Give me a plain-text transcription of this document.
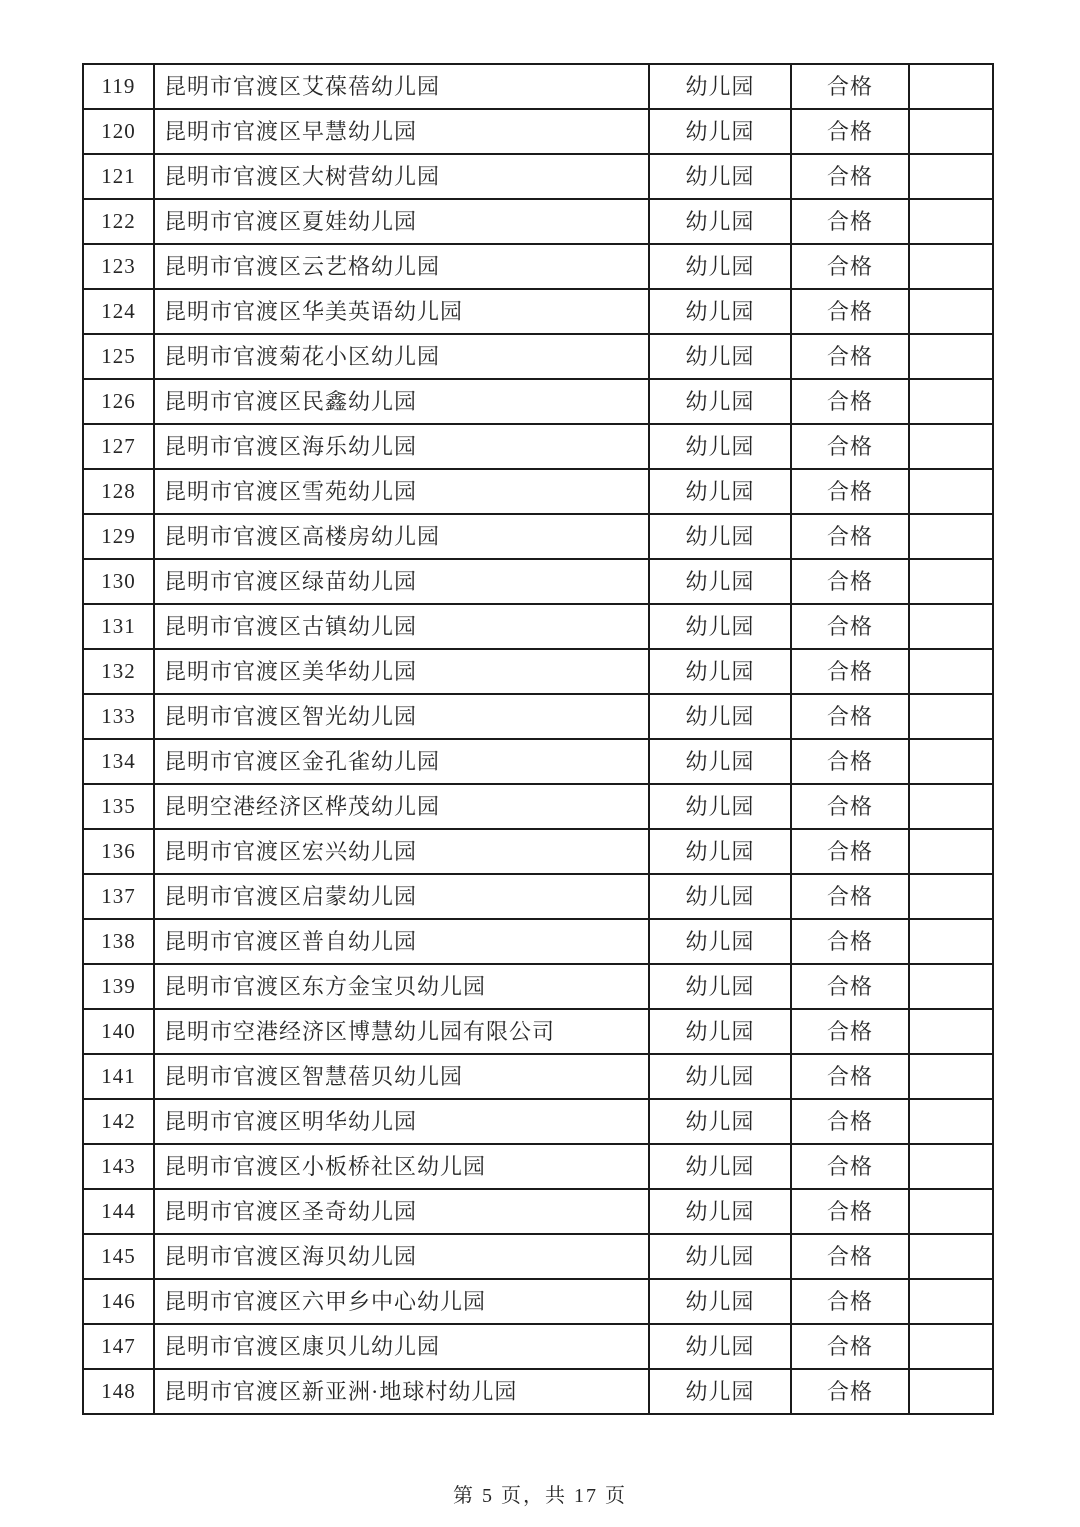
119	昆明市官渡区艾葆蓓幼儿园	幼儿园	合格	
120	昆明市官渡区早慧幼儿园	幼儿园	合格	
121	昆明市官渡区大树营幼儿园	幼儿园	合格	
122	昆明市官渡区夏娃幼儿园	幼儿园	合格	
123	昆明市官渡区云艺格幼儿园	幼儿园	合格	
124	昆明市官渡区华美英语幼儿园	幼儿园	合格	
125	昆明市官渡菊花小区幼儿园	幼儿园	合格	
126	昆明市官渡区民鑫幼儿园	幼儿园	合格	
127	昆明市官渡区海乐幼儿园	幼儿园	合格	
128	昆明市官渡区雪苑幼儿园	幼儿园	合格	
129	昆明市官渡区高楼房幼儿园	幼儿园	合格	
130	昆明市官渡区绿苗幼儿园	幼儿园	合格	
131	昆明市官渡区古镇幼儿园	幼儿园	合格	
132	昆明市官渡区美华幼儿园	幼儿园	合格	
133	昆明市官渡区智光幼儿园	幼儿园	合格	
134	昆明市官渡区金孔雀幼儿园	幼儿园	合格	
135	昆明空港经济区桦茂幼儿园	幼儿园	合格	
136	昆明市官渡区宏兴幼儿园	幼儿园	合格	
137	昆明市官渡区启蒙幼儿园	幼儿园	合格	
138	昆明市官渡区普自幼儿园	幼儿园	合格	
139	昆明市官渡区东方金宝贝幼儿园	幼儿园	合格	
140	昆明市空港经济区博慧幼儿园有限公司	幼儿园	合格	
141	昆明市官渡区智慧蓓贝幼儿园	幼儿园	合格	
142	昆明市官渡区明华幼儿园	幼儿园	合格	
143	昆明市官渡区小板桥社区幼儿园	幼儿园	合格	
144	昆明市官渡区圣奇幼儿园	幼儿园	合格	
145	昆明市官渡区海贝幼儿园	幼儿园	合格	
146	昆明市官渡区六甲乡中心幼儿园	幼儿园	合格	
147	昆明市官渡区康贝儿幼儿园	幼儿园	合格	
148	昆明市官渡区新亚洲·地球村幼儿园	幼儿园	合格	
第 5 页，共 17 页
